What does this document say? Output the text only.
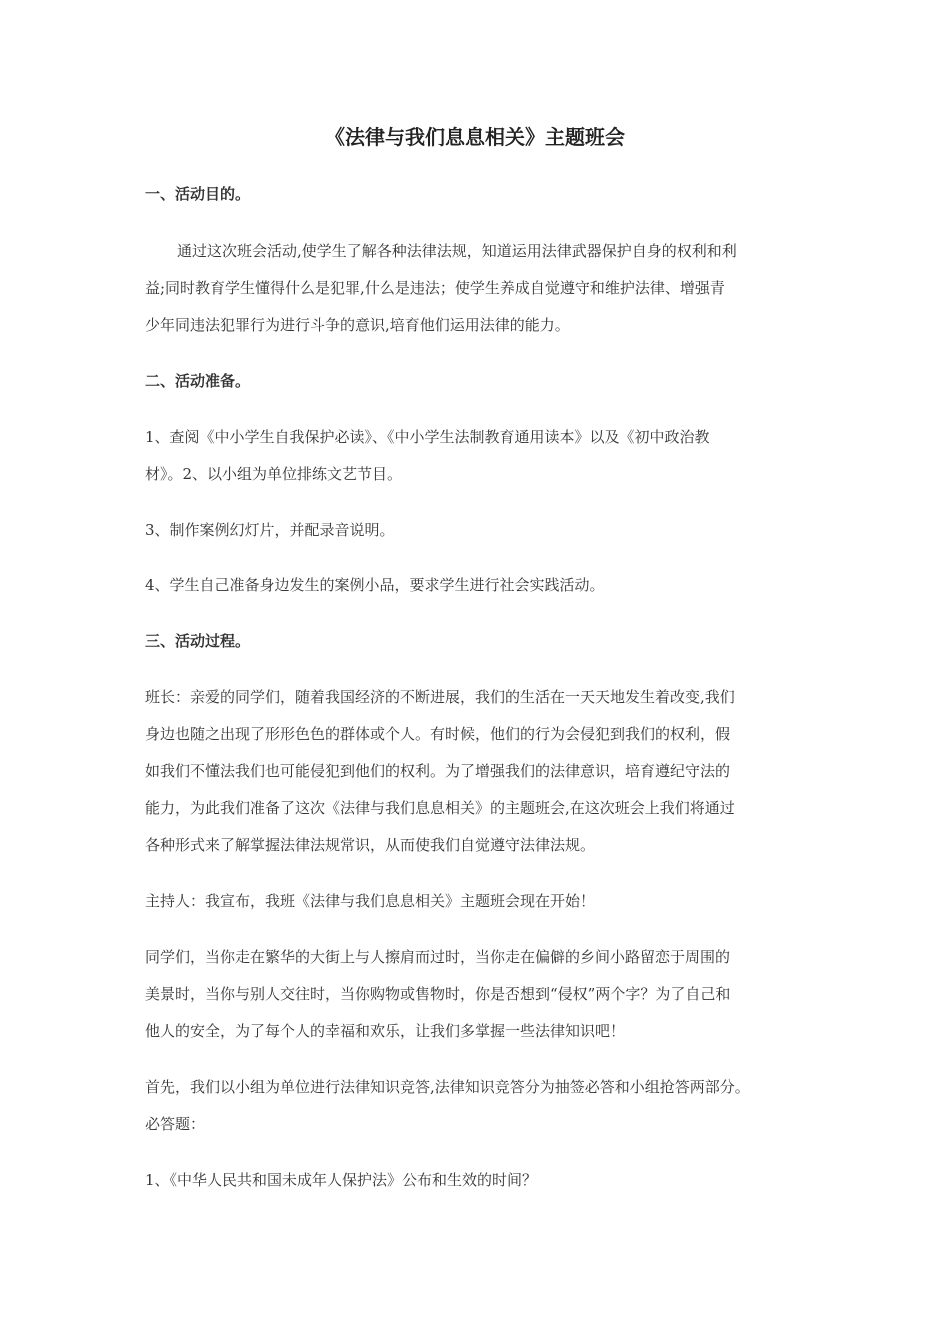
《法律与我们息息相关》主题班会
一、活动目的。
通过这次班会活动,使学生了解各种法律法规，知道运用法律武器保护自身的权利和利
益;同时教育学生懂得什么是犯罪,什么是违法；使学生养成自觉遵守和维护法律、增强青
少年同违法犯罪行为进行斗争的意识,培育他们运用法律的能力。
二、活动准备。
1、查阅《中小学生自我保护必读》、《中小学生法制教育通用读本》以及《初中政治教
材》。2、以小组为单位排练文艺节目。
3、制作案例幻灯片，并配录音说明。
4、学生自己准备身边发生的案例小品，要求学生进行社会实践活动。
三、活动过程。
班长：亲爱的同学们，随着我国经济的不断进展，我们的生活在一天天地发生着改变,我们
身边也随之出现了形形色色的群体或个人。有时候，他们的行为会侵犯到我们的权利，假
如我们不懂法我们也可能侵犯到他们的权利。为了增强我们的法律意识，培育遵纪守法的
能力，为此我们准备了这次《法律与我们息息相关》的主题班会,在这次班会上我们将通过
各种形式来了解掌握法律法规常识，从而使我们自觉遵守法律法规。
主持人：我宣布，我班《法律与我们息息相关》主题班会现在开始！
同学们，当你走在繁华的大街上与人擦肩而过时，当你走在偏僻的乡间小路留恋于周围的
美景时，当你与别人交往时，当你购物或售物时，你是否想到“侵权”两个字？为了自己和
他人的安全，为了每个人的幸福和欢乐，让我们多掌握一些法律知识吧！
首先，我们以小组为单位进行法律知识竞答,法律知识竞答分为抽签必答和小组抢答两部分。
必答题：
1、《中华人民共和国未成年人保护法》公布和生效的时间？
